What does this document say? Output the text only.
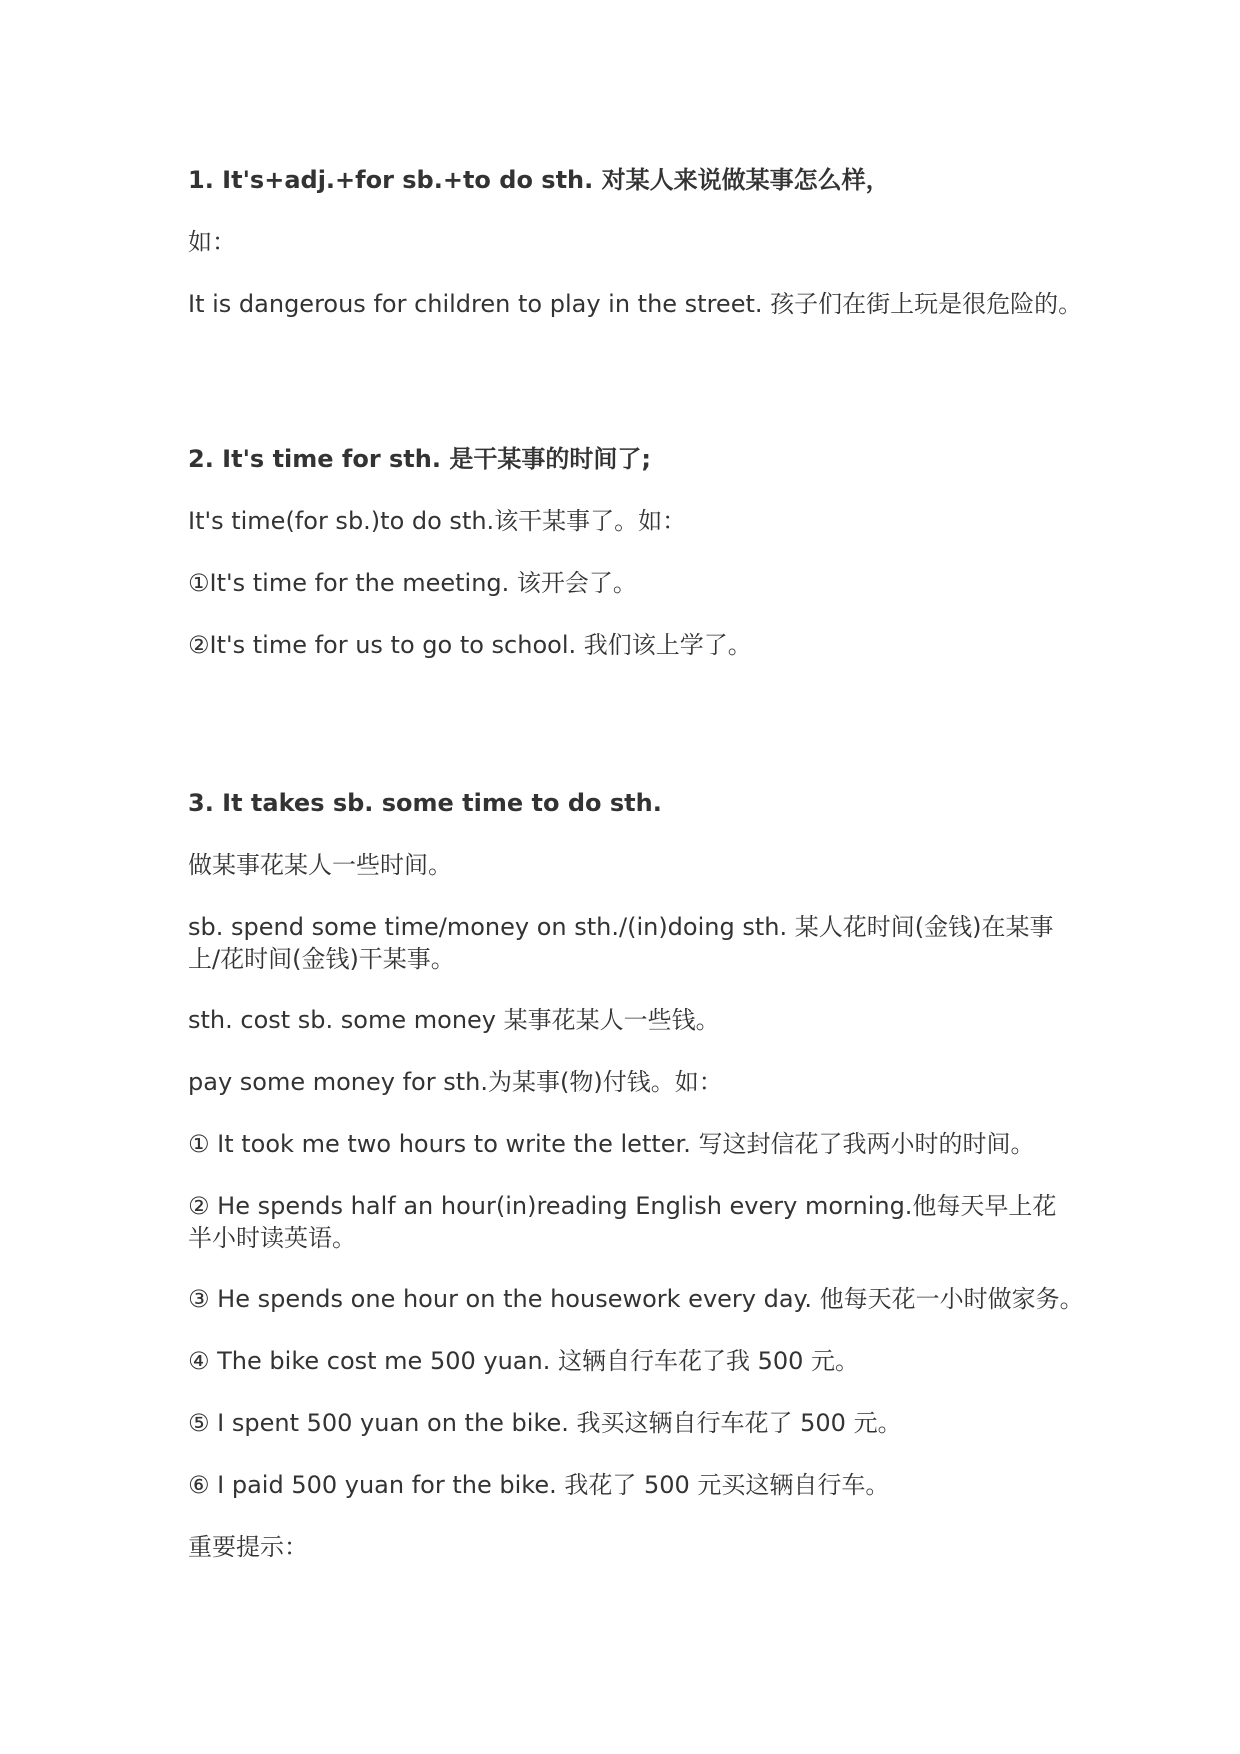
1. It's+adj.+for sb.+to do sth. 对某人来说做某事怎么样，
如：
It is dangerous for children to play in the street. 孩子们在街上玩是很危险的。
2. It's time for sth. 是干某事的时间了;
It's time(for sb.)to do sth.该干某事了。如：
①It's time for the meeting. 该开会了。
②It's time for us to go to school. 我们该上学了。
3. It takes sb. some time to do sth.
做某事花某人一些时间。
sb. spend some time/money on sth./(in)doing sth. 某人花时间(金钱)在某事上/花时间(金钱)干某事。
sth. cost sb. some money 某事花某人一些钱。
pay some money for sth.为某事(物)付钱。如：
① It took me two hours to write the letter. 写这封信花了我两小时的时间。
② He spends half an hour(in)reading English every morning.他每天早上花半小时读英语。
③ He spends one hour on the housework every day. 他每天花一小时做家务。
④ The bike cost me 500 yuan. 这辆自行车花了我 500 元。
⑤ I spent 500 yuan on the bike. 我买这辆自行车花了 500 元。
⑥ I paid 500 yuan for the bike. 我花了 500 元买这辆自行车。
重要提示：
